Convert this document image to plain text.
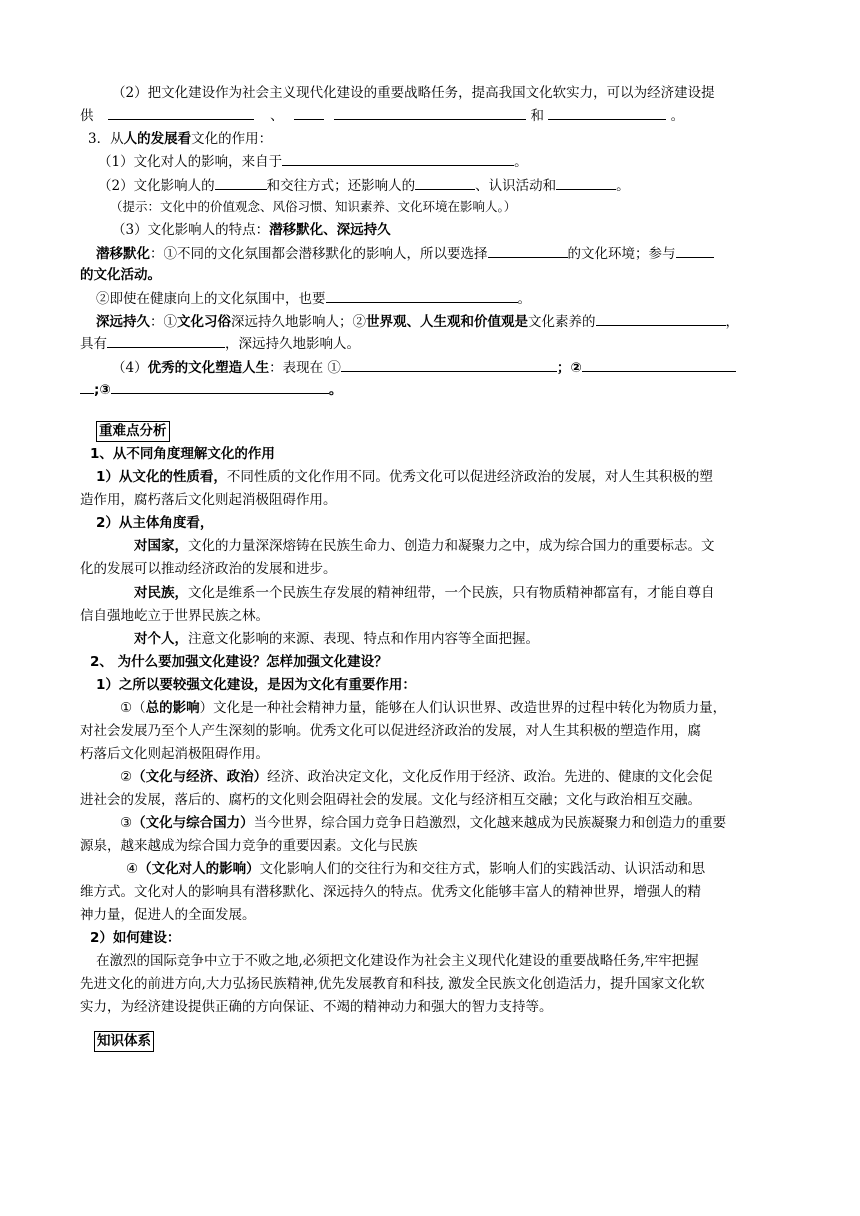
（2）把文化建设作为社会主义现代化建设的重要战略任务，提高我国文化软实力，可以为经济建设提
供	、	和	。
3．从人的发展看文化的作用：
（1）文化对人的影响，来自于	。
（2）文化影响人的	和交往方式；还影响人的	、认识活动和	。
（提示：文化中的价值观念、风俗习惯、知识素养、文化环境在影响人。）
（3）文化影响人的特点：潜移默化、深远持久
潜移默化：①不同的文化氛围都会潜移默化的影响人，所以要选择	的文化环境；参与
的文化活动。
②即使在健康向上的文化氛围中，也要	。
深远持久：①文化习俗深远持久地影响人；②世界观、人生观和价值观是文化素养的	，
具有	，深远持久地影响人。
（4）优秀的文化塑造人生：表现在 ①	；②
;③	。
重难点分析
1、从不同角度理解文化的作用
1）从文化的性质看，不同性质的文化作用不同。优秀文化可以促进经济政治的发展，对人生其积极的塑
造作用，腐朽落后文化则起消极阻碍作用。
2）从主体角度看，
对国家，文化的力量深深熔铸在民族生命力、创造力和凝聚力之中，成为综合国力的重要标志。文
化的发展可以推动经济政治的发展和进步。
对民族，文化是维系一个民族生存发展的精神纽带，一个民族，只有物质精神都富有，才能自尊自
信自强地屹立于世界民族之林。
对个人，注意文化影响的来源、表现、特点和作用内容等全面把握。
2、 为什么要加强文化建设？怎样加强文化建设？
1）之所以要较强文化建设，是因为文化有重要作用：
①（总的影响）文化是一种社会精神力量，能够在人们认识世界、改造世界的过程中转化为物质力量，
对社会发展乃至个人产生深刻的影响。优秀文化可以促进经济政治的发展，对人生其积极的塑造作用，腐
朽落后文化则起消极阻碍作用。
②（文化与经济、政治）经济、政治决定文化，文化反作用于经济、政治。先进的、健康的文化会促
进社会的发展，落后的、腐朽的文化则会阻碍社会的发展。文化与经济相互交融；文化与政治相互交融。
③（文化与综合国力）当今世界，综合国力竞争日趋激烈，文化越来越成为民族凝聚力和创造力的重要
源泉，越来越成为综合国力竞争的重要因素。文化与民族
④（文化对人的影响）文化影响人们的交往行为和交往方式，影响人们的实践活动、认识活动和思
维方式。文化对人的影响具有潜移默化、深远持久的特点。优秀文化能够丰富人的精神世界，增强人的精
神力量，促进人的全面发展。
2）如何建设：
在激烈的国际竞争中立于不败之地,必须把文化建设作为社会主义现代化建设的重要战略任务,牢牢把握
先进文化的前进方向,大力弘扬民族精神,优先发展教育和科技, 激发全民族文化创造活力，提升国家文化软
实力，为经济建设提供正确的方向保证、不竭的精神动力和强大的智力支持等。
知识体系
